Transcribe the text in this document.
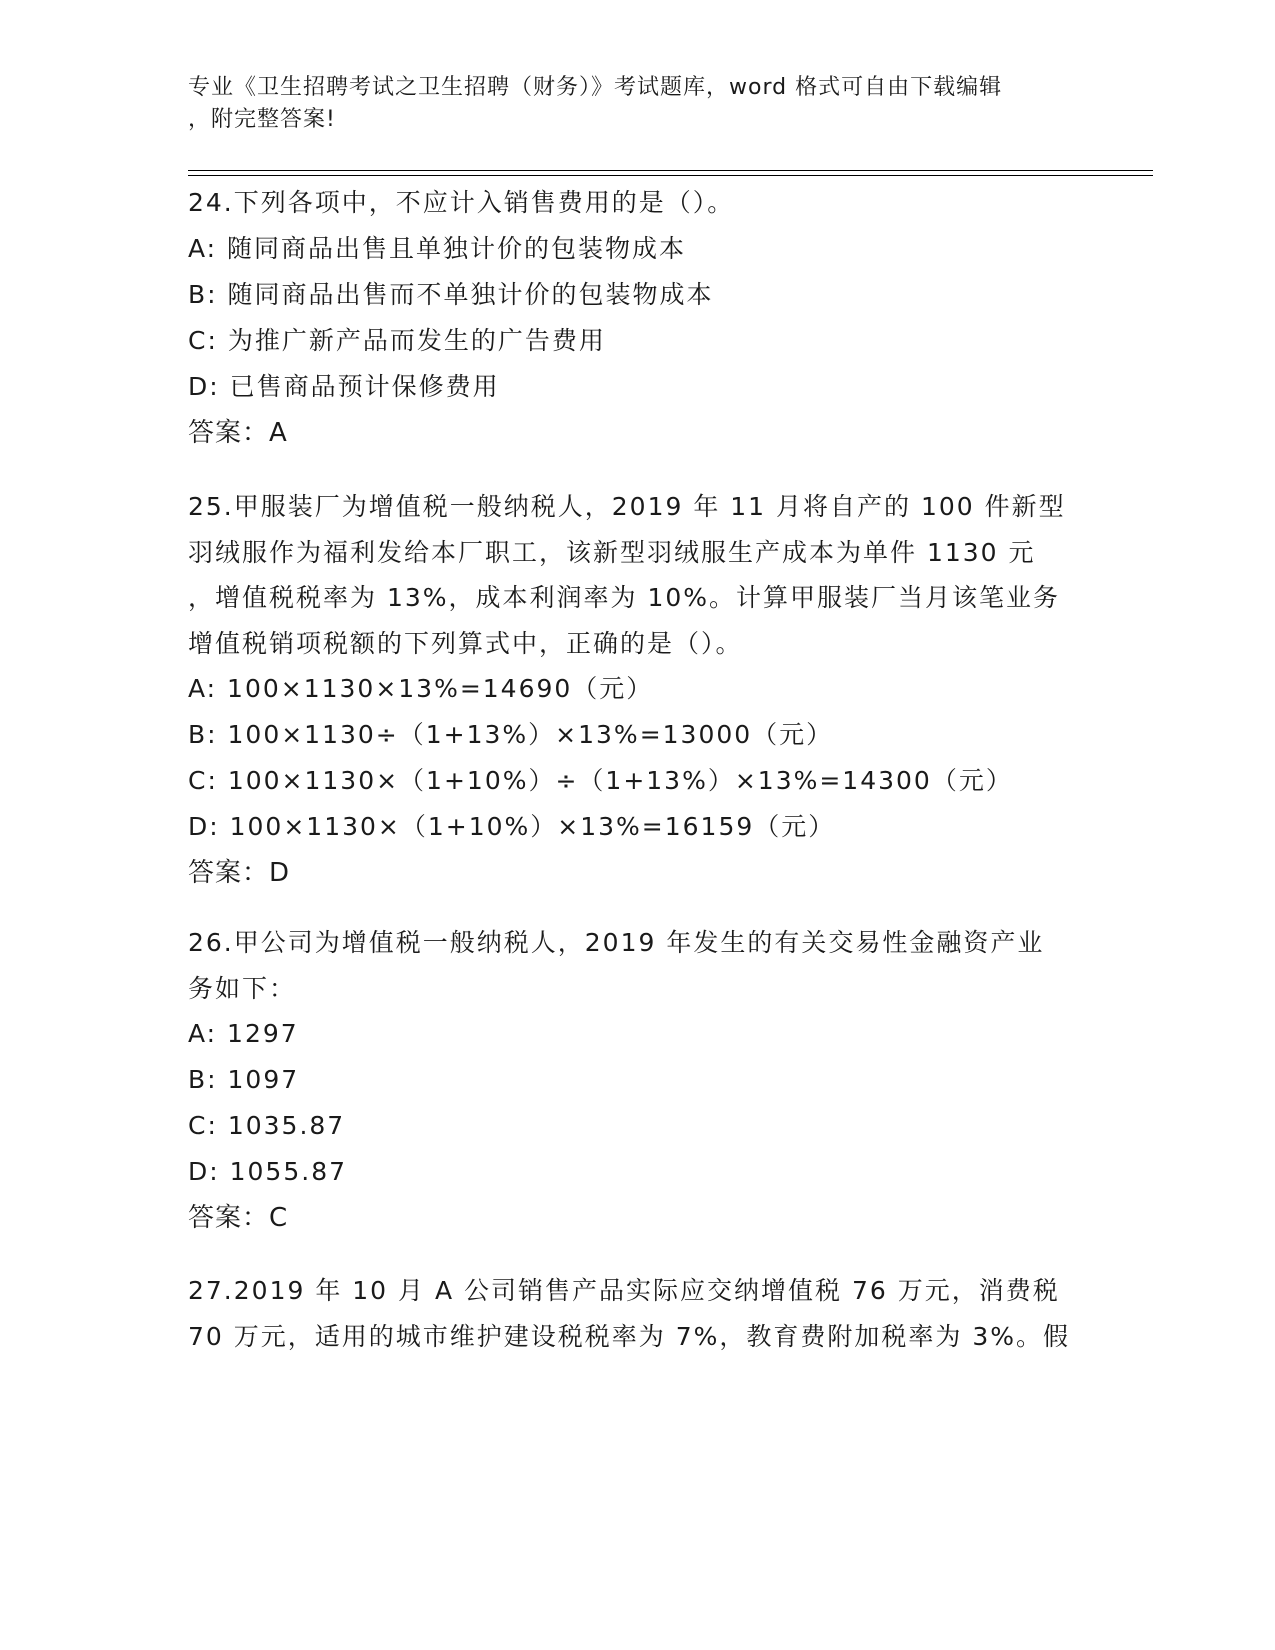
专业《卫生招聘考试之卫生招聘（财务）》考试题库，word 格式可自由下载编辑
，附完整答案!
24.下列各项中，不应计入销售费用的是（）。
A: 随同商品出售且单独计价的包装物成本
B: 随同商品出售而不单独计价的包装物成本
C: 为推广新产品而发生的广告费用
D: 已售商品预计保修费用
答案：A
25.甲服装厂为增值税一般纳税人，2019 年 11 月将自产的 100 件新型
羽绒服作为福利发给本厂职工，该新型羽绒服生产成本为单件 1130 元
，增值税税率为 13%，成本利润率为 10%。计算甲服装厂当月该笔业务
增值税销项税额的下列算式中，正确的是（）。
A: 100×1130×13%=14690（元）
B: 100×1130÷（1+13%）×13%=13000（元）
C: 100×1130×（1+10%）÷（1+13%）×13%=14300（元）
D: 100×1130×（1+10%）×13%=16159（元）
答案：D
26.甲公司为增值税一般纳税人，2019 年发生的有关交易性金融资产业
务如下：
A: 1297
B: 1097
C: 1035.87
D: 1055.87
答案：C
27.2019 年 10 月 A 公司销售产品实际应交纳增值税 76 万元，消费税
70 万元，适用的城市维护建设税税率为 7%，教育费附加税率为 3%。假
